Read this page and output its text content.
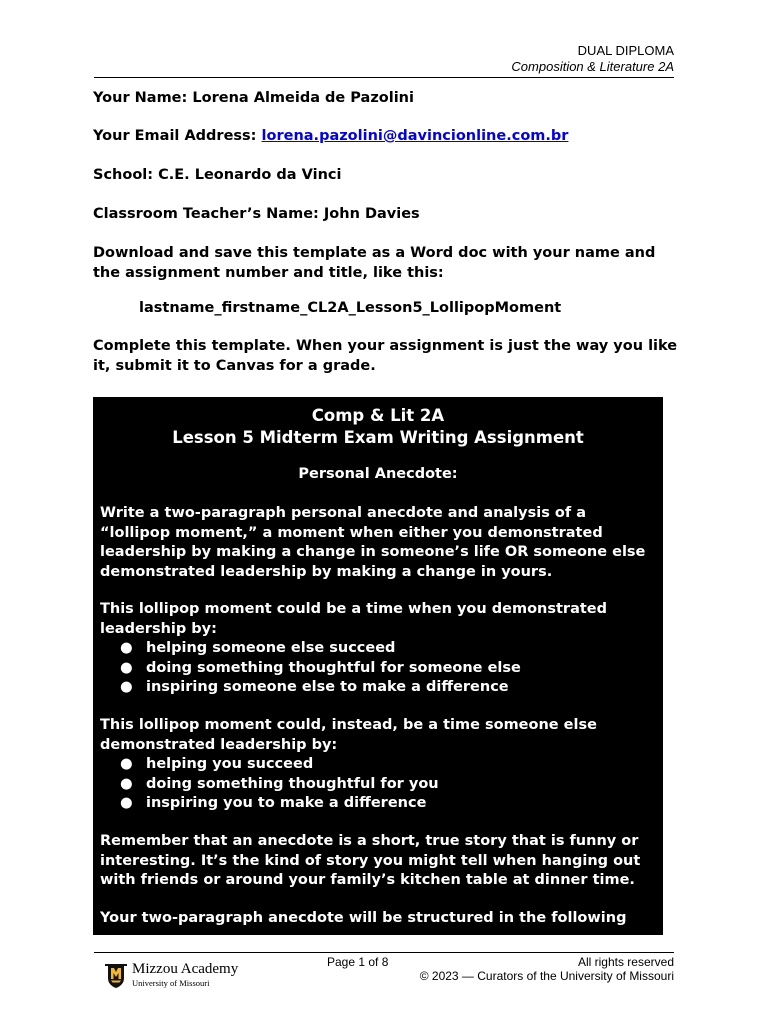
DUAL DIPLOMA
Composition & Literature 2A
Your Name: Lorena Almeida de Pazolini
Your Email Address: lorena.pazolini@davincionline.com.br
School: C.E. Leonardo da Vinci
Classroom Teacher’s Name: John Davies
Download and save this template as a Word doc with your name and the assignment number and title, like this:
lastname_firstname_CL2A_Lesson5_LollipopMoment
Complete this template. When your assignment is just the way you like it, submit it to Canvas for a grade.
Comp & Lit 2A
Lesson 5 Midterm Exam Writing Assignment
Personal Anecdote:
Write a two-paragraph personal anecdote and analysis of a “lollipop moment,” a moment when either you demonstrated leadership by making a change in someone’s life OR someone else demonstrated leadership by making a change in yours.
This lollipop moment could be a time when you demonstrated leadership by:
● helping someone else succeed
● doing something thoughtful for someone else
● inspiring someone else to make a difference
This lollipop moment could, instead, be a time someone else demonstrated leadership by:
● helping you succeed
● doing something thoughtful for you
● inspiring you to make a difference
Remember that an anecdote is a short, true story that is funny or interesting. It’s the kind of story you might tell when hanging out with friends or around your family’s kitchen table at dinner time.
Your two-paragraph anecdote will be structured in the following
Page 1 of 8	All rights reserved
© 2023 — Curators of the University of Missouri
Mizzou Academy
University of Missouri
